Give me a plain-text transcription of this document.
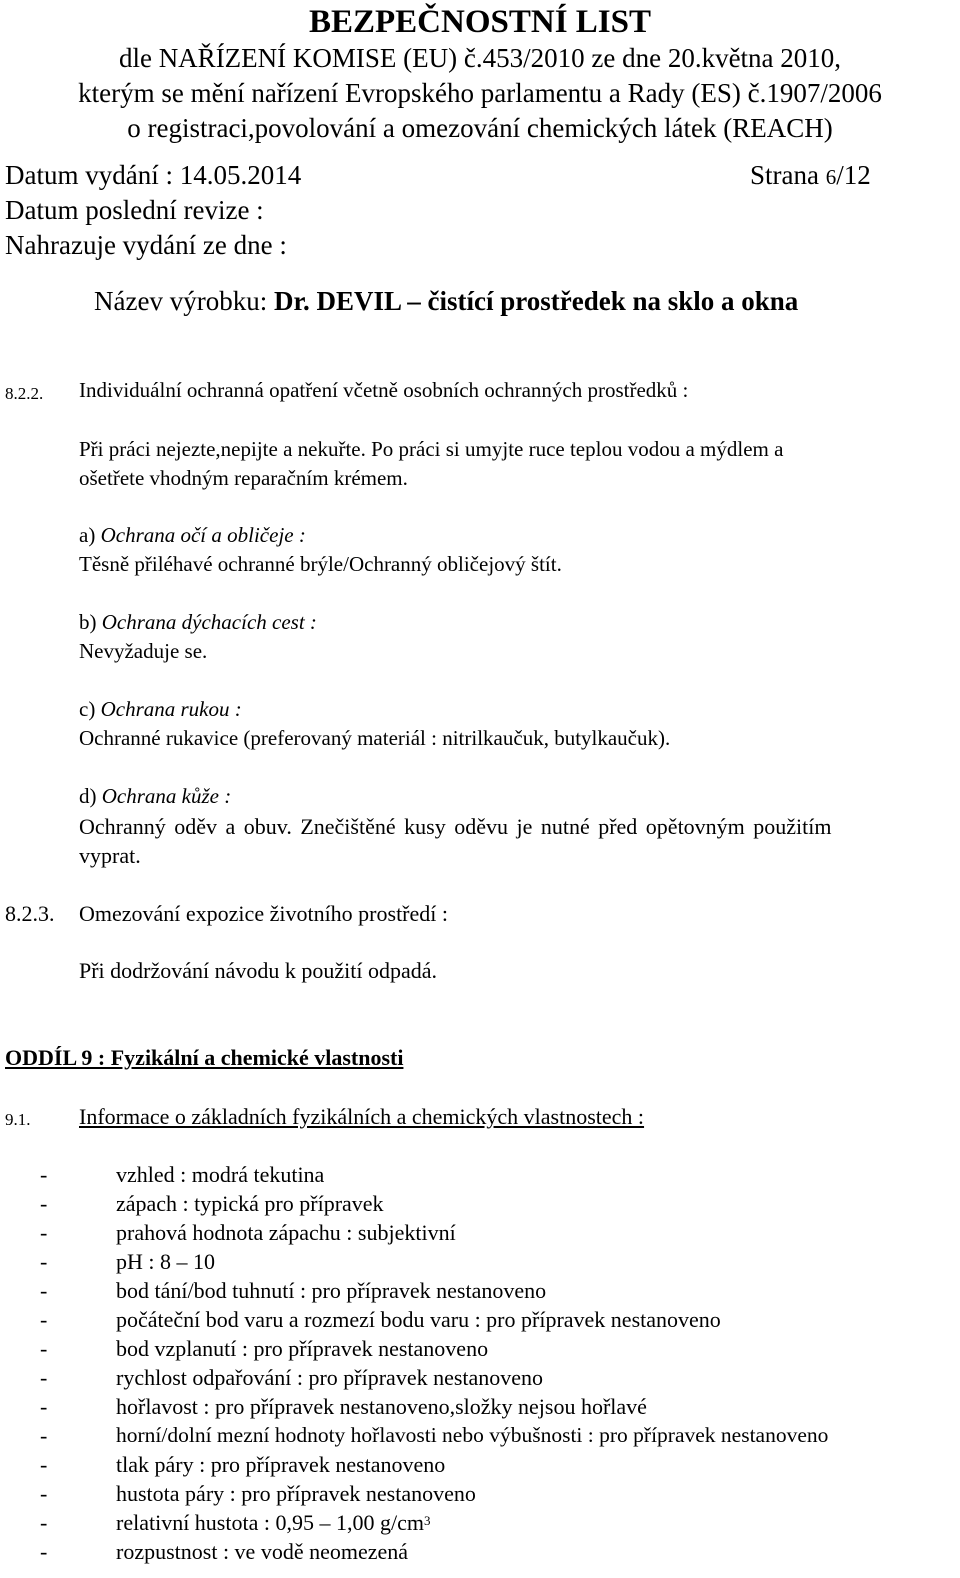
BEZPEČNOSTNÍ LIST
dle NAŘÍZENÍ KOMISE (EU) č.453/2010 ze dne 20.května 2010,
kterým se mění nařízení Evropského parlamentu a Rady (ES) č.1907/2006
o registraci,povolování a omezování chemických látek (REACH)
Datum vydání : 14.05.2014	Strana 6/12
Datum poslední revize :
Nahrazuje vydání ze dne :
Název výrobku: Dr. DEVIL – čistící prostředek na sklo a okna
8.2.2. Individuální ochranná opatření včetně osobních ochranných prostředků :
Při práci nejezte,nepijte a nekuřte. Po práci si umyjte ruce teplou vodou a mýdlem a
ošetřete vhodným reparačním krémem.
a) Ochrana očí a obličeje :
Těsně přiléhavé ochranné brýle/Ochranný obličejový štít.
b) Ochrana dýchacích cest :
Nevyžaduje se.
c) Ochrana rukou :
Ochranné rukavice (preferovaný materiál : nitrilkaučuk, butylkaučuk).
d) Ochrana kůže :
Ochranný oděv a obuv. Znečištěné kusy oděvu je nutné před opětovným použitím
vyprat.
8.2.3. Omezování expozice životního prostředí :
Při dodržování návodu k použití odpadá.
ODDÍL 9 : Fyzikální a chemické vlastnosti
9.1. Informace o základních fyzikálních a chemických vlastnostech :
-	vzhled : modrá tekutina
-	zápach : typická pro přípravek
-	prahová hodnota zápachu : subjektivní
-	pH : 8 – 10
-	bod tání/bod tuhnutí : pro přípravek nestanoveno
-	počáteční bod varu a rozmezí bodu varu : pro přípravek nestanoveno
-	bod vzplanutí : pro přípravek nestanoveno
-	rychlost odpařování : pro přípravek nestanoveno
-	hořlavost : pro přípravek nestanoveno,složky nejsou hořlavé
-	horní/dolní mezní hodnoty hořlavosti nebo výbušnosti : pro přípravek nestanoveno
-	tlak páry : pro přípravek nestanoveno
-	hustota páry : pro přípravek nestanoveno
-	relativní hustota : 0,95 – 1,00 $g/cm^3$
-	rozpustnost : ve vodě neomezená
